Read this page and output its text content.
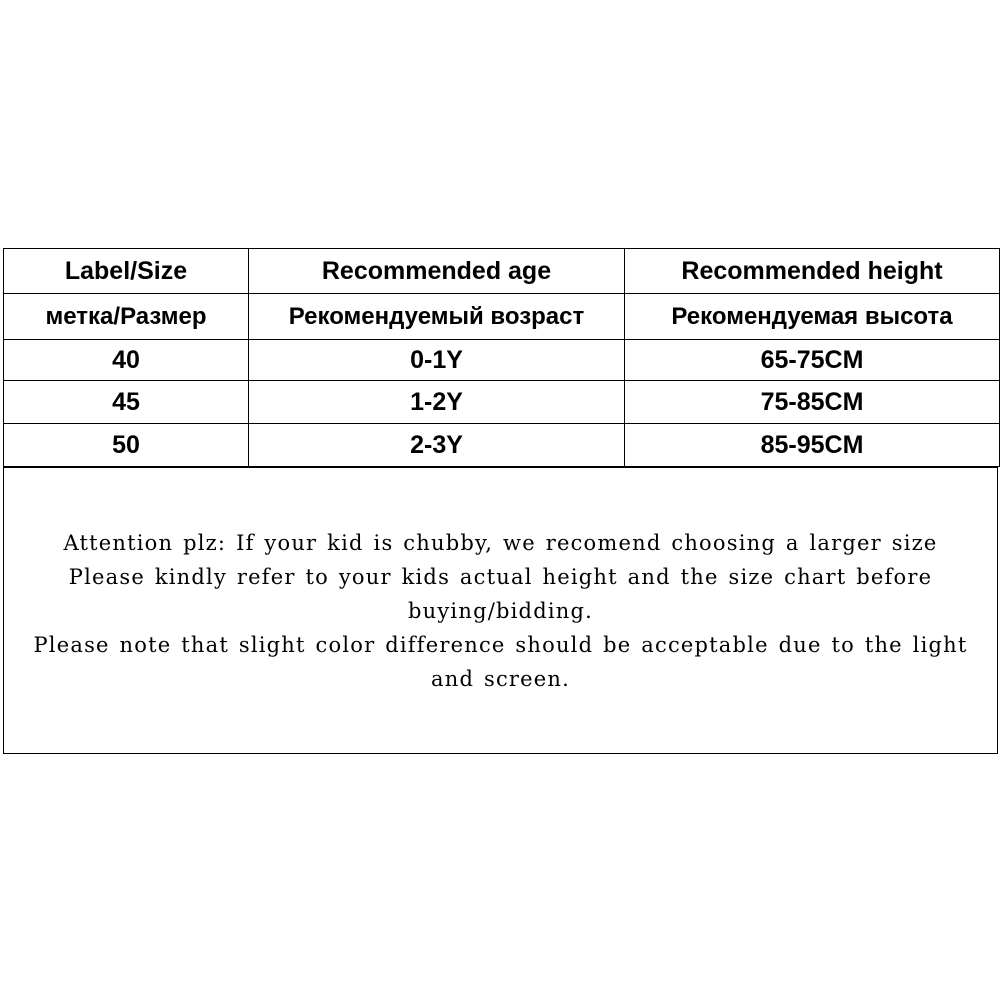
Label/Size	Recommended age	Recommended height
метка/Размер	Рекомендуемый возраст	Рекомендуемая высота
40	0-1Y	65-75CM
45	1-2Y	75-85CM
50	2-3Y	85-95CM
Attention plz: If your kid is chubby, we recomend choosing a larger size
Please kindly refer to your kids actual height and the size chart before buying/bidding.
Please note that slight color difference should be acceptable due to the light and screen.
